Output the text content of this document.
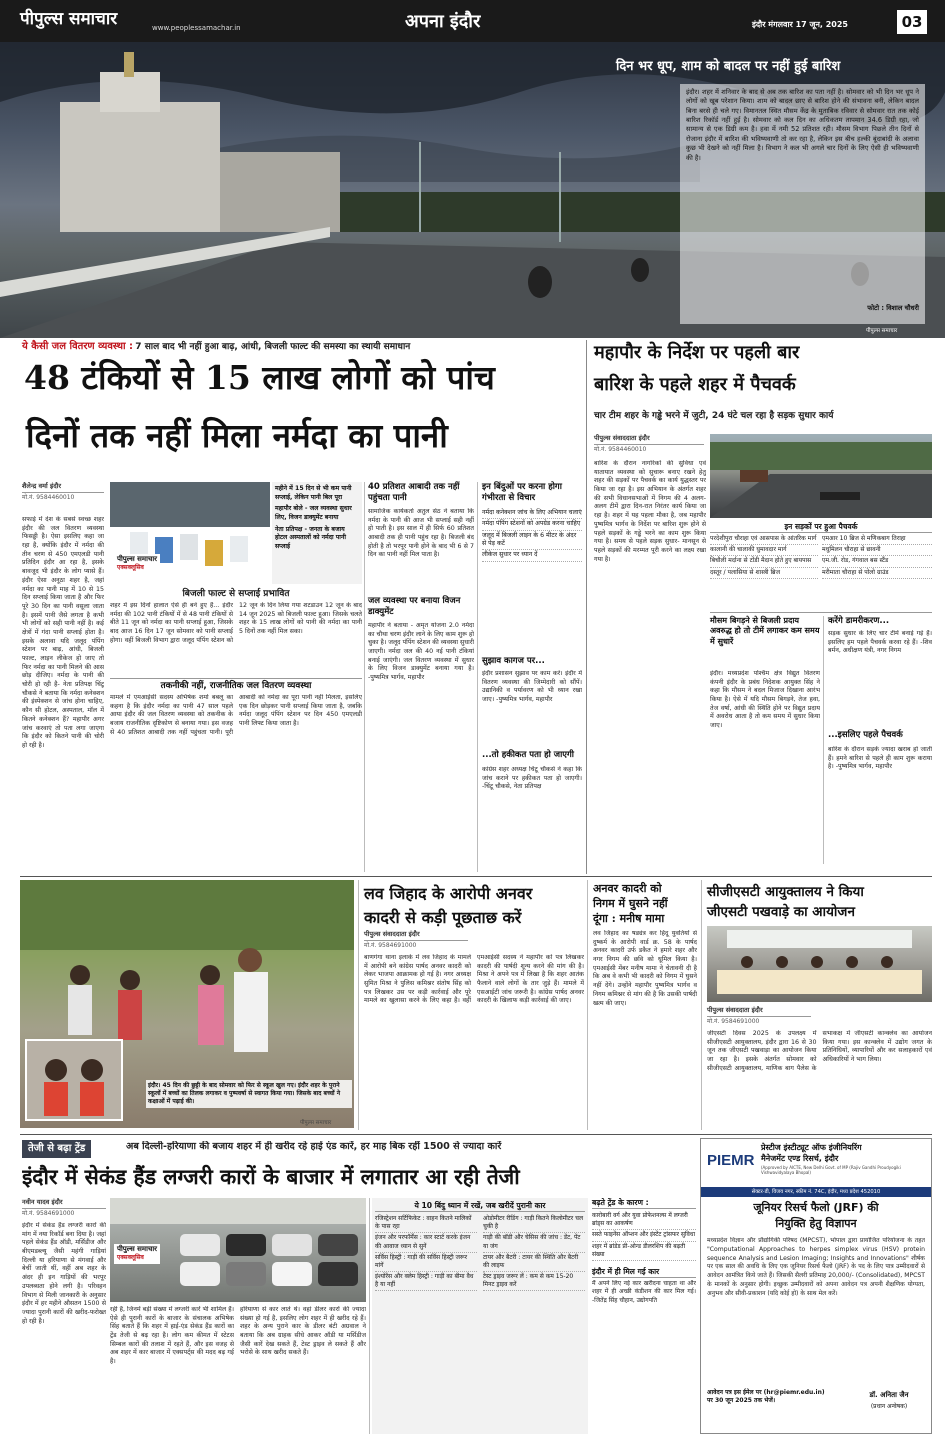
पीपुल्स समाचार	www.peoplessamachar.in	अपना इंदौर	इंदौर मंगलवार 17 जून, 2025	03
दिन भर धूप, शाम को बादल पर नहीं हुई बारिश
इंदौर। शहर में शनिवार के बाद से अब तक बारिश का पता नहीं है। सोमवार को भी दिन भर धूप ने लोगों को खूब परेशान किया। शाम को बादल छाए से बारिश होने की संभावना बनी, लेकिन बादल बिना बरसे ही चले गए। विमानतल स्थित मौसम केंद्र के मुताबिक रविवार से सोमवार रात तक कोई बारिश रिकॉर्ड नहीं हुई है। सोमवार को कल दिन का अधिकतम तापमान 34.6 डिग्री रहा, जो सामान्य से एक डिग्री कम है। हवा में नमी 52 प्रतिशत रही। मौसम विभाग पिछले तीन दिनों से रोजाना इंदौर में बारिश की भविष्यवाणी तो कर रहा है, लेकिन इस बीच हल्की बूंदाबांदी के अलावा कुछ भी देखने को नहीं मिला है। विभाग ने कल भी अगले चार दिनों के लिए ऐसी ही भविष्यवाणी की है।
फोटो : विशाल चौधरी
पीपुल्स समाचार
ये कैसी जल वितरण व्यवस्था : 7 साल बाद भी नहीं हुआ बाढ़, आंधी, बिजली फाल्ट की समस्या का स्थायी समाधान
48 टंकियों से 15 लाख लोगों को पांच
दिनों तक नहीं मिला नर्मदा का पानी
शैलेन्द्र वर्मा इंदौर
मो.नं. 9584460010
सफाई में देश के सबसे स्वच्छ शहर इंदौर की जल वितरण व्यवस्था फिसड्डी है। ऐसा इसलिए कहा जा रहा है, क्योंकि इंदौर में नर्मदा की तीन चरण से 450 एमएलडी पानी प्रतिदिन इंदौर आ रहा है, इसके बावजूद भी इंदौर के लोग प्यासे हैं। इंदौर ऐसा अनूठा शहर है, जहां नर्मदा का पानी माह में 10 से 15 दिन सप्लाई किया जाता है और फिर पूरे 30 दिन का पानी वसूला जाता है। इसमें पानी जैसे लगता है कभी भी लोगों को सही पानी नहीं है। कई क्षेत्रों में गंदा पानी सप्लाई होता है। इसके अलावा यदि जलूद पंपिंग स्टेशन पर बाढ़, आंधी, बिजली फाल्ट, लाइन लीकेज हो जाए तो फिर नर्मदा का पानी मिलने की आस छोड़ दीजिए। नर्मदा के पानी की चोरी हो रही है- नेता प्रतिपक्ष चिंटू चौकसे ने बताया कि नर्मदा कनेक्शन की इंस्पेक्शन से जांच होना चाहिए, कौन सी होटल, अस्पताल, मॉल में कितने कनेक्शन हैं? महापौर अगर जांच करवाएं तो पता लगा जाएगा कि इंदौर को कितने पानी की चोरी हो रही है।
पीपुल्स समाचार
एक्सक्लूसिव
महीने में 15 दिन से भी कम पानी सप्लाई, लेकिन पानी बिल पूरा
महापौर बोले - जल व्यवस्था सुधार लिए, विजन डाक्युमेंट बनाया
नेता प्रतिपक्ष - जनता के बजाय होटल अस्पतालों को नर्मदा पानी सप्लाई
बिजली फाल्ट से सप्लाई प्रभावित
शहर में इस दिनों हालात ऐसे ही बने हुए हैं... इंदौर नर्मदा की 102 पानी टंकियों में से 48 पानी टंकियों से बीते 11 जून को नर्मदा का पानी सप्लाई हुआ, जिसके बाद आज 16 दिन 17 जून सोमवार को पानी सप्लाई होगा। वहीं बिजली विभाग द्वारा जलूद पंपिंग स्टेशन को 12 जून के दिन लिया गया शटडाउन 12 जून के बाद 14 जून 2025 को बिजली फाल्ट हुआ। जिसके चलते शहर के 15 लाख लोगों को पानी की नर्मदा का पानी 5 दिनों तक नहीं मिल सका।
तकनीकी नहीं, राजनीतिक जल वितरण व्यवस्था
मामले में एमआईसी सदस्य अभिषेक शर्मा बबलू का कहना है कि इंदौर नर्मदा का पानी 47 साल पहले आया इंदौर की जल वितरण व्यवस्था को तकनीक के बजाय राजनीतिक दृष्टिकोण से बनाया गया। इस वजह से 40 प्रतिशत आबादी तक नहीं पहुंचता पानी। पूरी आबादी को नर्मदा का पूरा पानी नहीं मिलता, इसलिए एक दिन छोड़कर पानी सप्लाई किया जाता है, जबकि नर्मदा जलूद पंपिंग स्टेशन पर दिन 450 एमएलडी पानी लिफ्ट किया जाता है।
40 प्रतिशत आबादी तक नहीं पहुंचता पानी
सामाजिक कार्यकर्ता अतुल सेठ ने बताया कि नर्मदा के पानी की आज भी सप्लाई सही नहीं हो पाती है। इस साल में ही सिर्फ 60 प्रतिशत आबादी तक ही पानी पहुंच रहा है। बिजली बंद होती है तो भरपूर पानी होने के बाद भी 6 से 7 दिन का पानी नहीं मिल पाता है।
जल व्यवस्था पर बनाया विजन डाक्युमेंट
महापौर ने बताया - अमृत योजना 2.0 नर्मदा का चौथा चरण इंदौर लाने के लिए काम शुरू हो चुका है। जलूद पंपिंग स्टेशन की व्यवस्था सुधारी जाएगी। नर्मदा जल की 40 नई पानी टंकियां बनाई जाएंगी। जल वितरण व्यवस्था में सुधार के लिए विजन डाक्युमेंट बनाया गया है। -पुष्यमित्र भार्गव, महापौर
इन बिंदुओं पर करना होगा गंभीरता से विचार
नर्मदा कनेक्शन जांच के लिए अभियान चलाएं
नर्मदा पंपिंग स्टेशनों को अपग्रेड करना चाहिए
जलूद में बिजली लाइन के 6 मीटर के अंदर से पेड़ कटें
लीकेज सुधार पर ध्यान दें
सुझाव कागज पर...
इंदौर प्रशासन सुझाव पर काम करे। इंदौर में वितरण व्यवस्था की जिम्मेदारी को सौंपें। उद्यानिकी व पर्यावरण को भी ध्यान रखा जाए। -पुष्यमित्र भार्गव, महापौर
...तो हकीकत पता हो जाएगी
कांग्रेस शहर अध्यक्ष चिंटू चौकसे ने कहा कि जांच कराने पर हकीकत पता हो जाएगी। -चिंटू चौकसे, नेता प्रतिपक्ष
महापौर के निर्देश पर पहली बार
बारिश के पहले शहर में पैचवर्क
चार टीम शहर के गड्ढे भरने में जुटी, 24 घंटे चल रहा है सड़क सुधार कार्य
पीपुल्स संवाददाता इंदौर
मो.नं. 9584460010
बारिश के दौरान नागरिकों की सुविधा एवं यातायात व्यवस्था को सुचारू बनाए रखने हेतु शहर की सड़कों पर पैचवर्क का कार्य युद्धस्तर पर किया जा रहा है। इस अभियान के अंतर्गत शहर की सभी विधानसभाओं में निगम की 4 अलग-अलग टीमें द्वारा दिन-रात निरंतर कार्य किया जा रहा है। शहर में यह पहला मौका है, जब महापौर पुष्यमित्र भार्गव के निर्देश पर बारिश शुरू होने से पहले सड़कों के गड्ढे भरने का काम शुरू किया गया है। समय से पहले सड़क सुधार- मानसून से पहले सड़कों की मरम्मत पूरी करने का लक्ष्य रखा गया है।
इन सड़कों पर हुआ पैचवर्क
परदेशीपुरा चौराहा एवं आसपास के आंतरिक मार्ग
कालानी की चालाकी घुमावदार मार्ग
बिचौली मर्दाना से टोंडी मैदान होते हुए बायपास
दस्तूर / पलासिया से शास्त्री ब्रिज
एमआर 10 ब्रिज से मणिकबाग तिराहा
मधुमिलन चौराहा से छावनी
एम.जी. रोड, गंगवाल बस स्टैंड
मरीमाता चौराहा से पोलो ग्राउंड
मौसम बिगड़ने से बिजली प्रदाय अवरुद्ध हो तो टीमें लगाकर कम समय में सुधारें
इंदौर। मध्यप्रदेश पश्चिम क्षेत्र विद्युत वितरण कंपनी इंदौर के प्रबंध निदेशक आयुक्त सिंह ने कहा कि मौसम ने बदल मिजाज दिखाना आरंभ किया है। ऐसे में यदि मौसम बिगड़ने, तेज हवा, तेज वर्षा, आंधी की स्थिति होने पर विद्युत प्रदाय में अवरोध आता है तो कम समय में सुधार किया जाए।
करेंगे डामरीकरण...
सड़क सुधार के लिए चार टीमें बनाई गई हैं। इसलिए हम पहले पैचवर्क करवा रहे हैं। -शिव बर्मन, अधीक्षण यंत्री, नगर निगम
...इसलिए पहले पैचवर्क
बारिश के दौरान सड़कें ज्यादा खराब हो जाती हैं। हमने बारिश से पहले ही काम शुरू कराया है। -पुष्यमित्र भार्गव, महापौर
इंदौर। 45 दिन की छुट्टी के बाद सोमवार को फिर से स्कूल खुल गए। इंदौर शहर के पुराने स्कूलों में बच्चों का तिलक लगाकर व पुष्पवर्षा से स्वागत किया गया। जिसके बाद बच्चों ने कक्षाओं में पढ़ाई की।
पीपुल्स समाचार
लव जिहाद के आरोपी अनवर
कादरी से कड़ी पूछताछ करें
पीपुल्स संवाददाता इंदौर
मो.नं. 9584691000
बाणगंगा थाना इलाके में लव जिहाद के मामले में आरोपी बने कांग्रेस पार्षद अनवर कादरी को लेकर भाजपा आक्रामक हो गई है। नगर अध्यक्ष सुमित मिश्रा ने पुलिस कमिश्नर संतोष सिंह को पत्र लिखकर उस पर कड़ी कार्रवाई और पूरे मामले का खुलासा करने के लिए कहा है। वहीं एमआईसी सदस्य ने महापौर को पत्र लिखकर कादरी की पार्षदी शून्य करने की मांग की है। मिश्रा ने अपने पत्र में लिखा है कि शहर आतंक फैलाने वाले लोगों के तार जुड़े हैं। मामले में एसआईटी जांच जरूरी है। कांग्रेस पार्षद अनवर कादरी के खिलाफ कड़ी कार्रवाई की जाए।
अनवर कादरी को
निगम में घुसने नहीं
दूंगा : मनीष मामा
लव जिहाद का षड्यंत्र कर हिंदू युवतियों से दुष्कर्म के आरोपी वार्ड क्र. 58 के पार्षद अनवर कादरी उर्फ डकैत ने हमारे शहर और नगर निगम की छवि को धूमिल किया है। एमआईसी मेंबर मनीष मामा ने चेतावनी दी है कि अब वे कभी भी कादरी को निगम में घुसने नहीं देंगे। उन्होंने महापौर पुष्यमित्र भार्गव व निगम कमिश्नर से मांग की है कि उसकी पार्षदी खत्म की जाए।
सीजीएसटी आयुक्तालय ने किया
जीएसटी पखवाड़े का आयोजन
पीपुल्स संवाददाता इंदौर
मो.नं. 9584691000
जीएसटी दिवस 2025 के उपलक्ष्य में सीजीएसटी आयुक्तालय, इंदौर द्वारा 16 से 30 जून तक जीएसटी पखवाड़ा का आयोजन किया जा रहा है। इसके अंतर्गत सोमवार को सीजीएसटी आयुक्तालय, माणिक बाग पैलेस के सभाकक्ष में जीएसटी कान्क्लेव का आयोजन किया गया। इस कान्क्लेव में उद्योग जगत के प्रतिनिधियों, व्यापारियों और कर सलाहकारों एवं अधिकारियों ने भाग लिया।
तेजी से बढ़ा ट्रेंड	अब दिल्ली-हरियाणा की बजाय शहर में ही खरीद रहे हाई एंड कारें, हर माह बिक रहीं 1500 से ज्यादा कारें
इंदौर में सेकंड हैंड लग्जरी कारों के बाजार में लगातार आ रही तेजी
नवीन यादव इंदौर
मो.नं. 9584691000
इंदौर में सेकंड हैंड लग्जरी कारों की मांग में नया रिकॉर्ड बना दिया है। जहां पहले सेकंड हैंड ऑडी, मर्सिडीज और बीएमडब्ल्यू जैसी महंगी गाड़ियां दिल्ली या हरियाणा से मंगवाई और बेचीं जाती थीं, वहीं अब शहर के अंदर ही इन गाड़ियों की भरपूर उपलब्धता होने लगी है। परिवहन विभाग से मिली जानकारी के अनुसार इंदौर में हर महीने औसतन 1500 से ज्यादा पुरानी कारों की खरीद-फरोख्त हो रही है।
पीपुल्स समाचार
एक्सक्लूसिव
रही है, जिनमें बड़ी संख्या में लग्जरी कारें भी शामिल हैं। ऐसे ही पुरानी कारों के बाजार के संचालक अभिषेक सिंह बताते हैं कि शहर में हाई-एंड सेकंड हैंड कारों का ट्रेंड तेजी से बढ़ रहा है। लोग कम कीमत में स्टेटस सिम्बल कारों की तलाश में रहते हैं, और इस वजह से अब शहर में कार बाजार में एक्सपर्ट्स की मदद बढ़ गई है।
हरियाणा से कार लाते थे। वहां डीलर कारों की ज्यादा संख्या हो गई है, इसलिए लोग शहर में ही खरीद रहे हैं। शहर के अन्य पुराने कार के डीलर बंटी अग्रवाल ने बताया कि अब ग्राहक सीधे आकर ऑडी या मर्सिडीज जैसी कारें देख सकते हैं, टेस्ट ड्राइव ले सकते हैं और भरोसे के साथ खरीद सकते हैं।
ये 10 बिंदु ध्यान में रखें, जब खरीदें पुरानी कार
रजिस्ट्रेशन सर्टिफिकेट : वाहन कितने मालिकों के पास रहा
इंजन और परफॉर्मेंस : कार स्टार्ट करके इंजन की आवाज ध्यान से सुनें
सर्विस हिस्ट्री : गाड़ी की सर्विस हिस्ट्री जरूर मांगें
इंश्योरेंस और क्लेम हिस्ट्री : गाड़ी का बीमा वैध है या नहीं
ओडोमीटर रीडिंग : गाड़ी कितने किलोमीटर चल चुकी है
गाड़ी की बॉडी और चेसिस की जांच : डेंट, पेंट या जंग
टायर और बैटरी : टायर की स्थिति और बैटरी की लाइफ
टेस्ट ड्राइव जरूर लें : कम से कम 15-20 मिनट ड्राइव करें
बढ़ते ट्रेंड के कारण :
कारोबारी वर्ग और युवा प्रोफेशनल्स में लग्जरी ब्रांड्स का आकर्षण
सस्ते फाइनेंस ऑप्शन और इंस्टेंट ट्रांसफर सुविधा
शहर में ब्रांडेड प्री-ओन्ड डीलरशिप की बढ़ती संख्या
इंदौर में ही मिल गई कार
मैं अपने लिए नई कार खरीदना चाहता था और शहर में ही अच्छी कंडीशन की कार मिल गई। -जितेंद्र सिंह चौहान, उद्योगपति
PIEMR
प्रेस्टीज इंस्टीट्यूट ऑफ इंजीनियरिंग
मैनेजमेंट एण्ड रिसर्च, इंदौर
(Approved by AICTE, New Delhi Govt. of MP (Rajiv Gandhi Proudyogiki Vishwavidyalaya Bhopal)
सेक्टर-डी, विजय नगर, स्कीम नं. 74C, इंदौर, मध्य प्रदेश 452010
जूनियर रिसर्च फैलो (JRF) की
नियुक्ति हेतु विज्ञापन
मध्यप्रदेश विज्ञान और प्रौद्योगिकी परिषद (MPCST), भोपाल द्वारा प्रायोजित परियोजना के तहत "Computational Approaches to herpes simplex virus (HSV) protein sequence Analysis and Lesion Imaging; Insights and Innovations" शीर्षक पर एक साल की अवधि के लिए एक जूनियर रिसर्च फैलो (JRF) के पद के लिए पात्र उम्मीदवारों से आवेदन आमंत्रित किये जाते हैं। जिसकी सैलरी प्रतिमाह 20,000/- (Consolidated), MPCST के मानकों के अनुसार होगी। इच्छुक उम्मीदवारों को अपना आवेदन पत्र अपनी शैक्षणिक योग्यता, अनुभव और सीवी-प्रकाशन (यदि कोई हो) के साथ मेल करें।
आवेदन पत्र इस ईमेल पर (hr@piemr.edu.in) पर 30 जून 2025 तक भेजें।
डॉ. अनिता जैन
(प्रधान अन्वेषक)
